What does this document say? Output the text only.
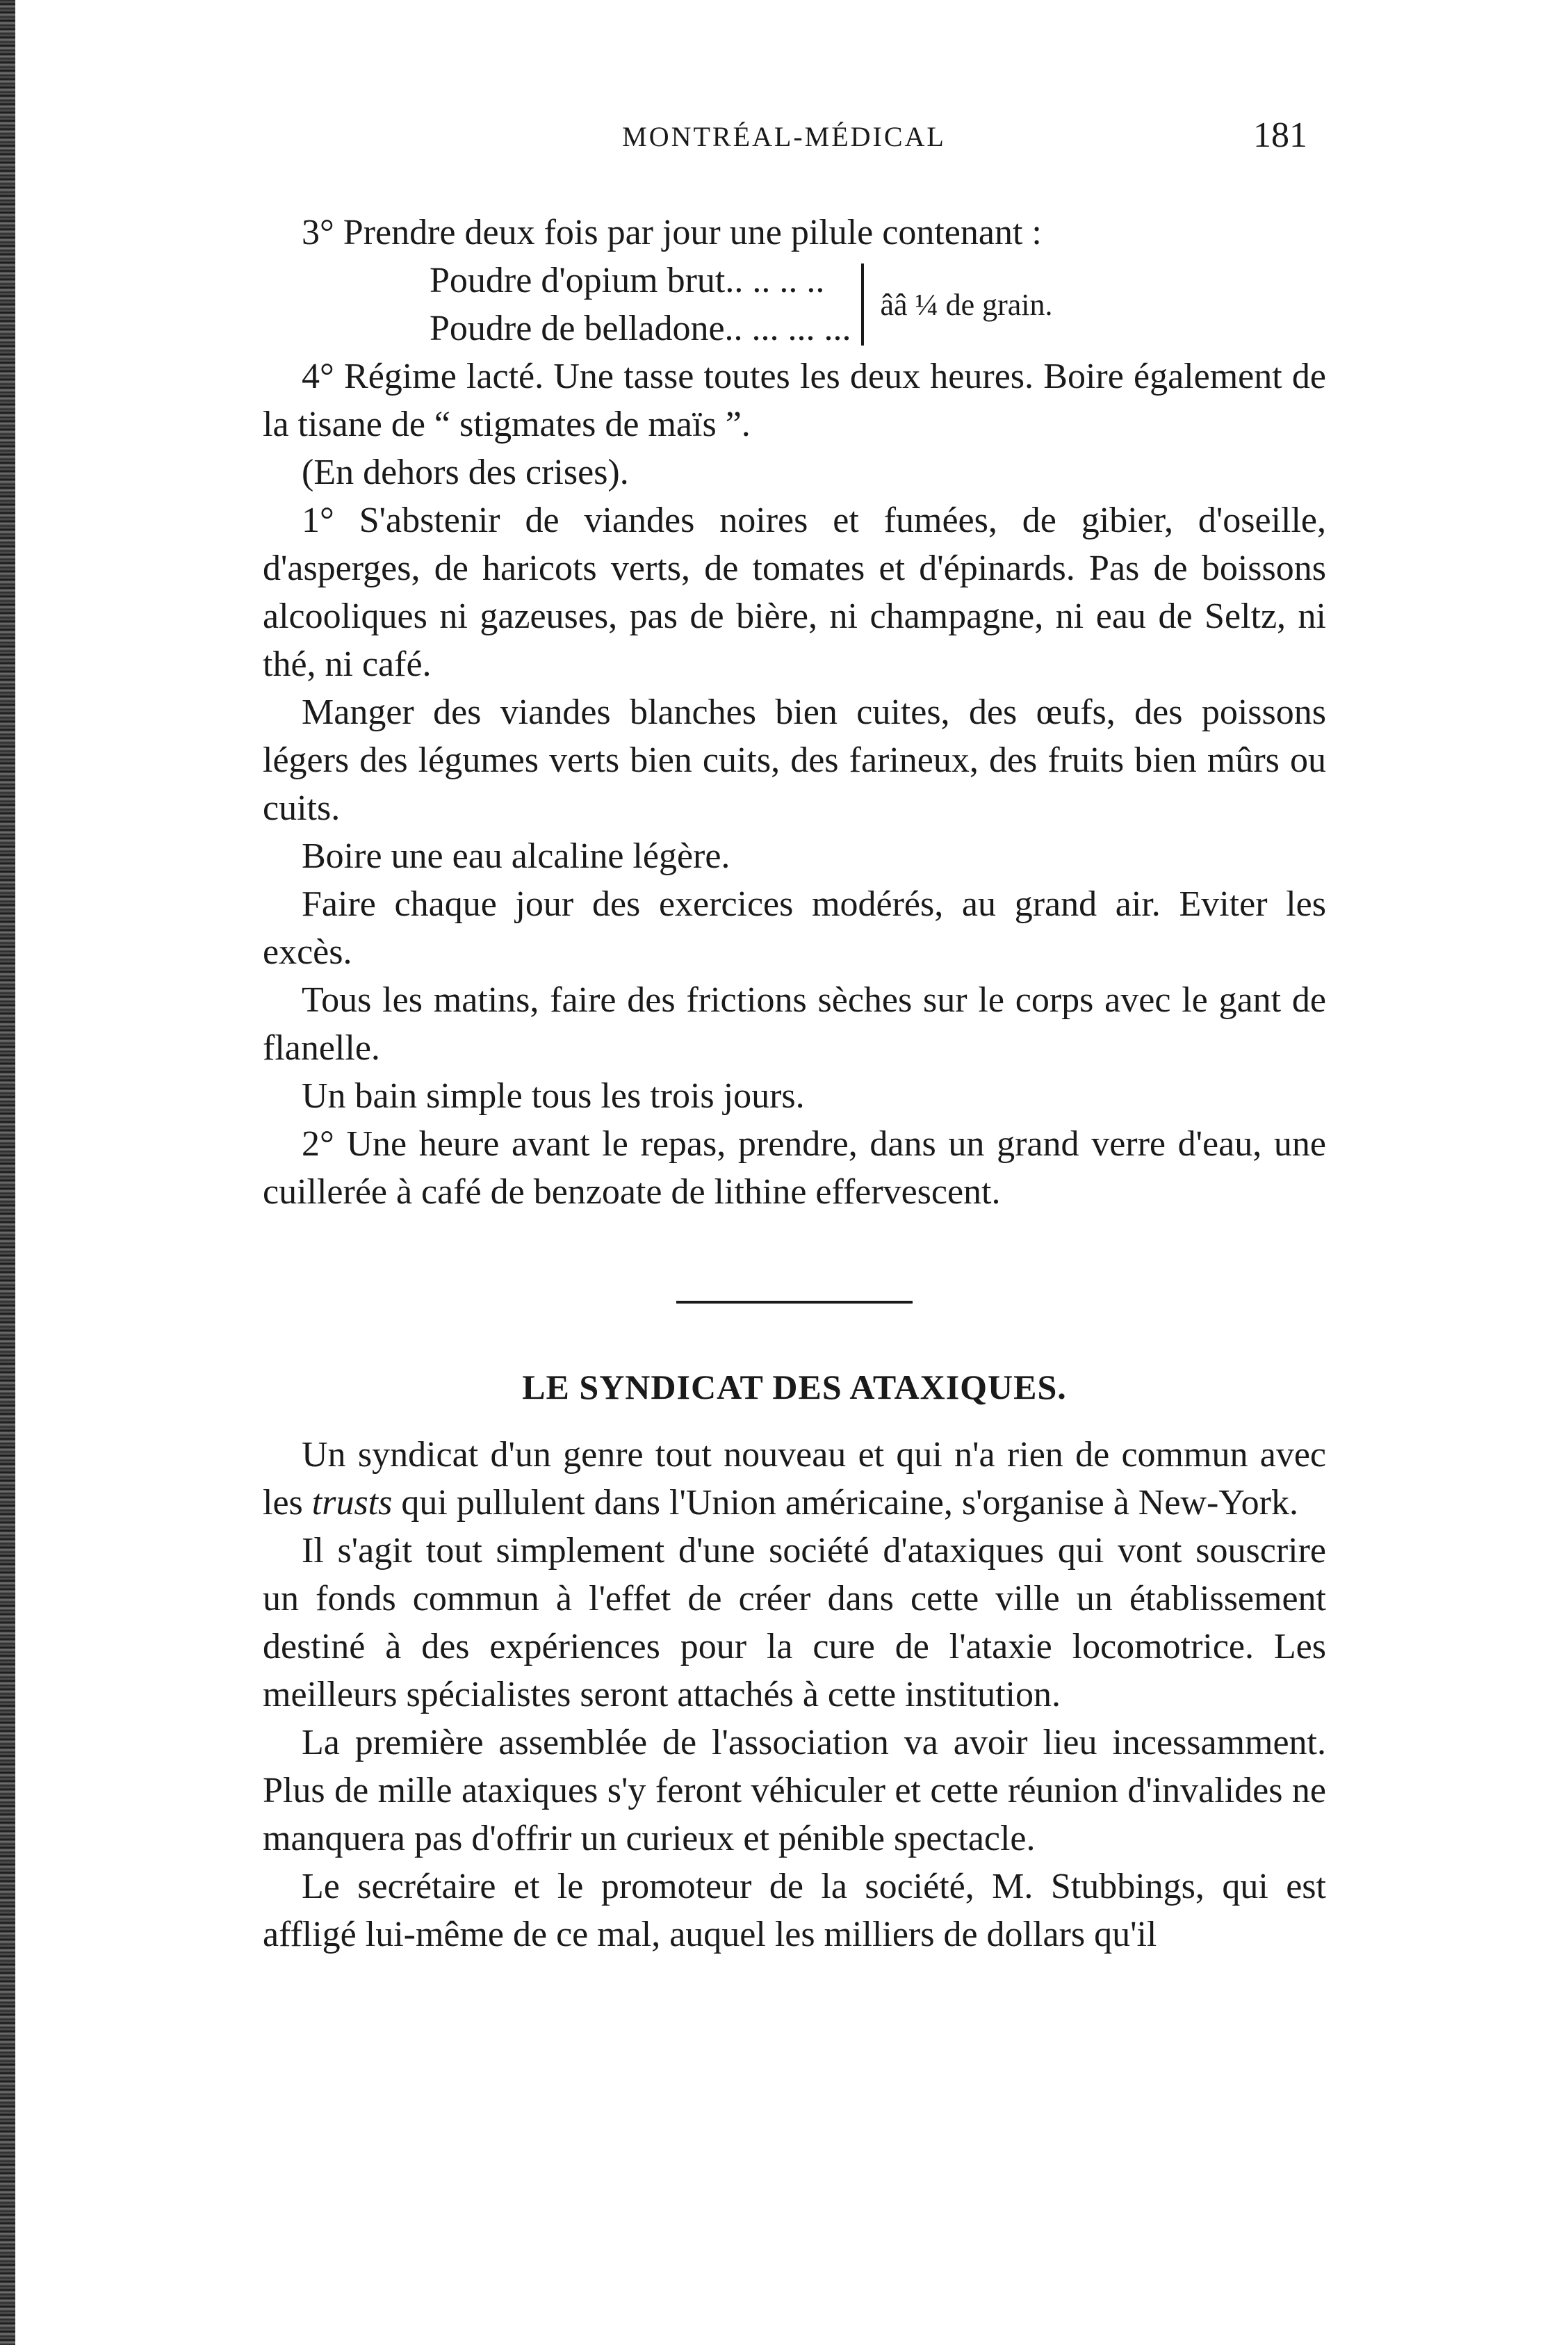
MONTRÉAL-MÉDICAL	181

3° Prendre deux fois par jour une pilule contenant :

Poudre d'opium brut.. .. .. ..
Poudre de belladone.. ... ... ...
ââ ¼ de grain.

4° Régime lacté. Une tasse toutes les deux heures. Boire également de la tisane de “ stigmates de maïs ”.

(En dehors des crises).

1° S'abstenir de viandes noires et fumées, de gibier, d'oseille, d'asperges, de haricots verts, de tomates et d'épinards. Pas de boissons alcooliques ni gazeuses, pas de bière, ni champagne, ni eau de Seltz, ni thé, ni café.

Manger des viandes blanches bien cuites, des œufs, des poissons légers des légumes verts bien cuits, des farineux, des fruits bien mûrs ou cuits.

Boire une eau alcaline légère.

Faire chaque jour des exercices modérés, au grand air. Eviter les excès.

Tous les matins, faire des frictions sèches sur le corps avec le gant de flanelle.

Un bain simple tous les trois jours.

2° Une heure avant le repas, prendre, dans un grand verre d'eau, une cuillerée à café de benzoate de lithine effervescent.

LE SYNDICAT DES ATAXIQUES.

Un syndicat d'un genre tout nouveau et qui n'a rien de commun avec les trusts qui pullulent dans l'Union américaine, s'organise à New-York.

Il s'agit tout simplement d'une société d'ataxiques qui vont souscrire un fonds commun à l'effet de créer dans cette ville un établissement destiné à des expériences pour la cure de l'ataxie locomotrice. Les meilleurs spécialistes seront attachés à cette institution.

La première assemblée de l'association va avoir lieu incessamment. Plus de mille ataxiques s'y feront véhiculer et cette réunion d'invalides ne manquera pas d'offrir un curieux et pénible spectacle.

Le secrétaire et le promoteur de la société, M. Stubbings, qui est affligé lui-même de ce mal, auquel les milliers de dollars qu'il
